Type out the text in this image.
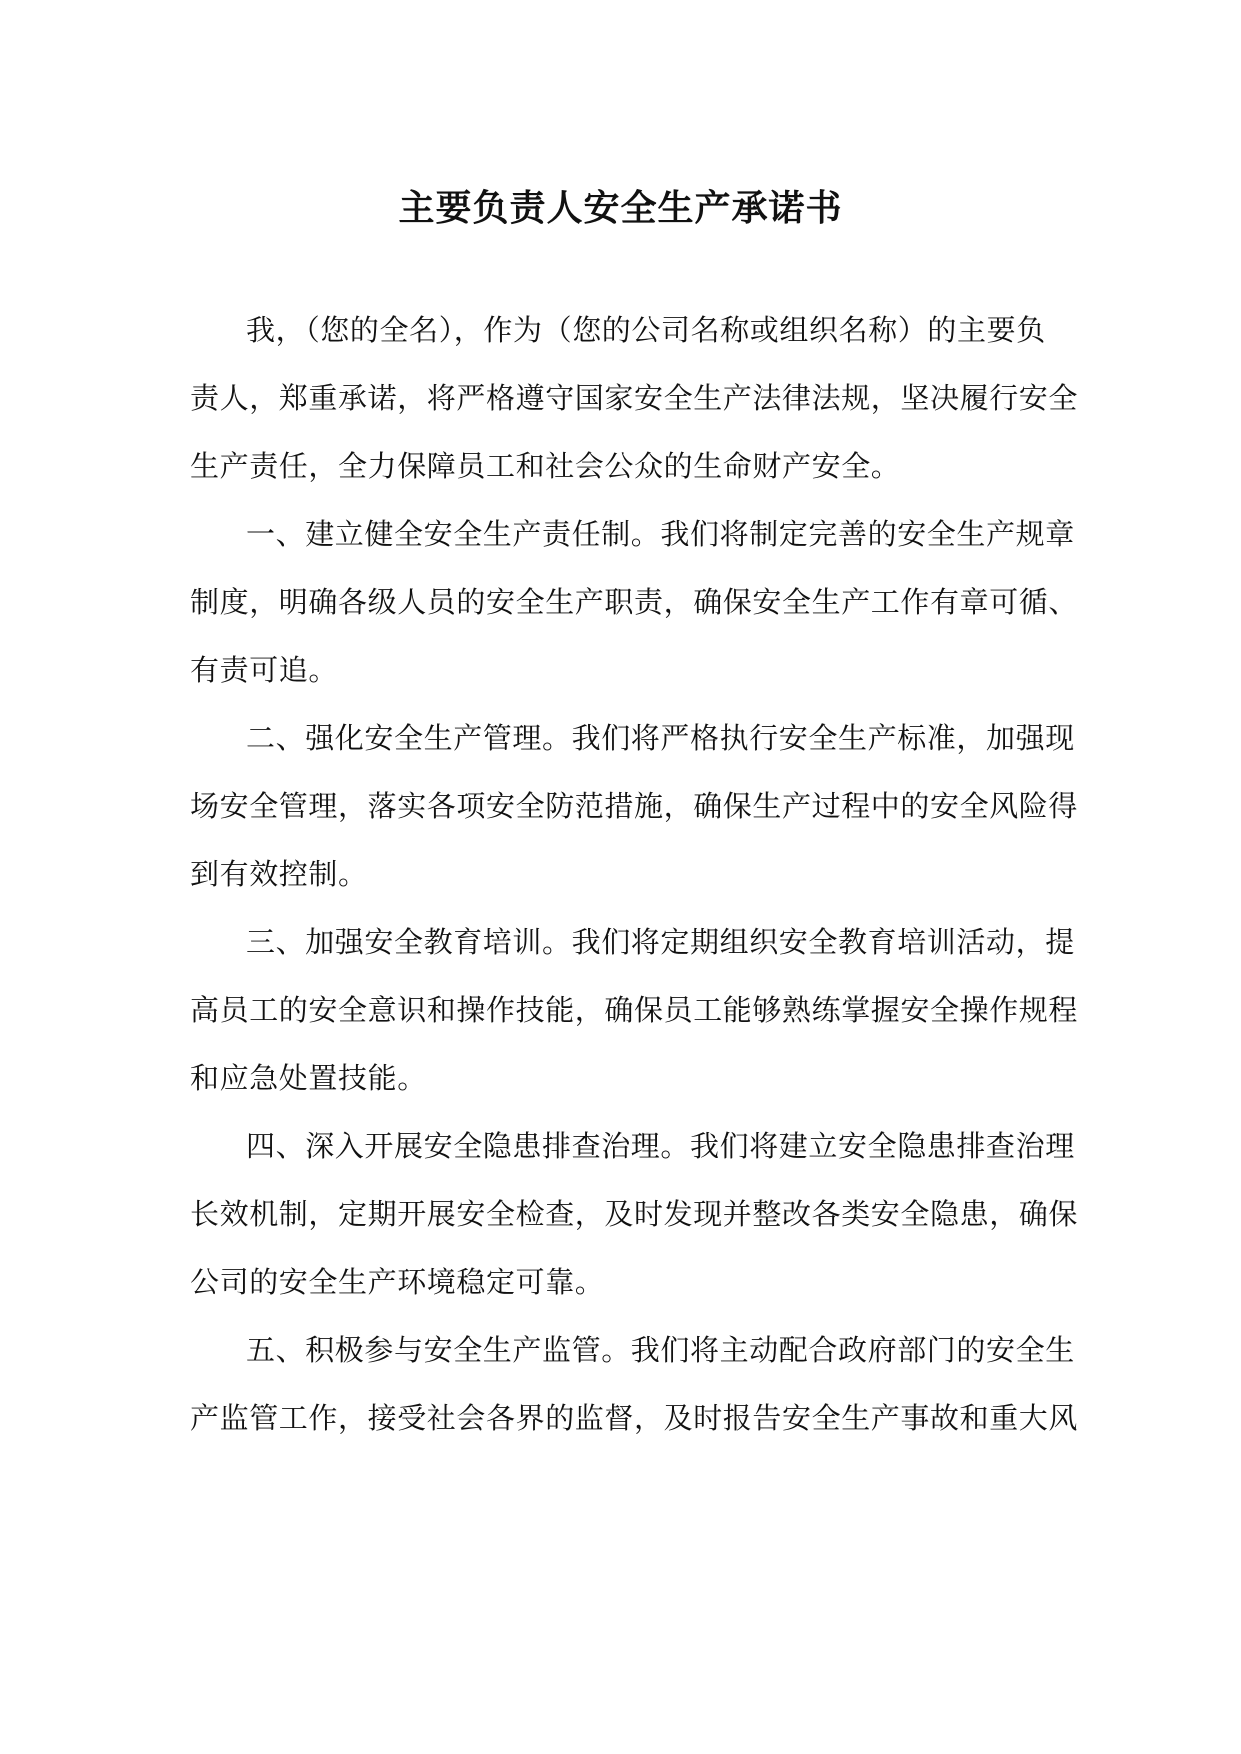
主要负责人安全生产承诺书
我，（您的全名），作为（您的公司名称或组织名称）的主要负
责人，郑重承诺，将严格遵守国家安全生产法律法规，坚决履行安全
生产责任，全力保障员工和社会公众的生命财产安全。
一、建立健全安全生产责任制。我们将制定完善的安全生产规章
制度，明确各级人员的安全生产职责，确保安全生产工作有章可循、
有责可追。
二、强化安全生产管理。我们将严格执行安全生产标准，加强现
场安全管理，落实各项安全防范措施，确保生产过程中的安全风险得
到有效控制。
三、加强安全教育培训。我们将定期组织安全教育培训活动，提
高员工的安全意识和操作技能，确保员工能够熟练掌握安全操作规程
和应急处置技能。
四、深入开展安全隐患排查治理。我们将建立安全隐患排查治理
长效机制，定期开展安全检查，及时发现并整改各类安全隐患，确保
公司的安全生产环境稳定可靠。
五、积极参与安全生产监管。我们将主动配合政府部门的安全生
产监管工作，接受社会各界的监督，及时报告安全生产事故和重大风
